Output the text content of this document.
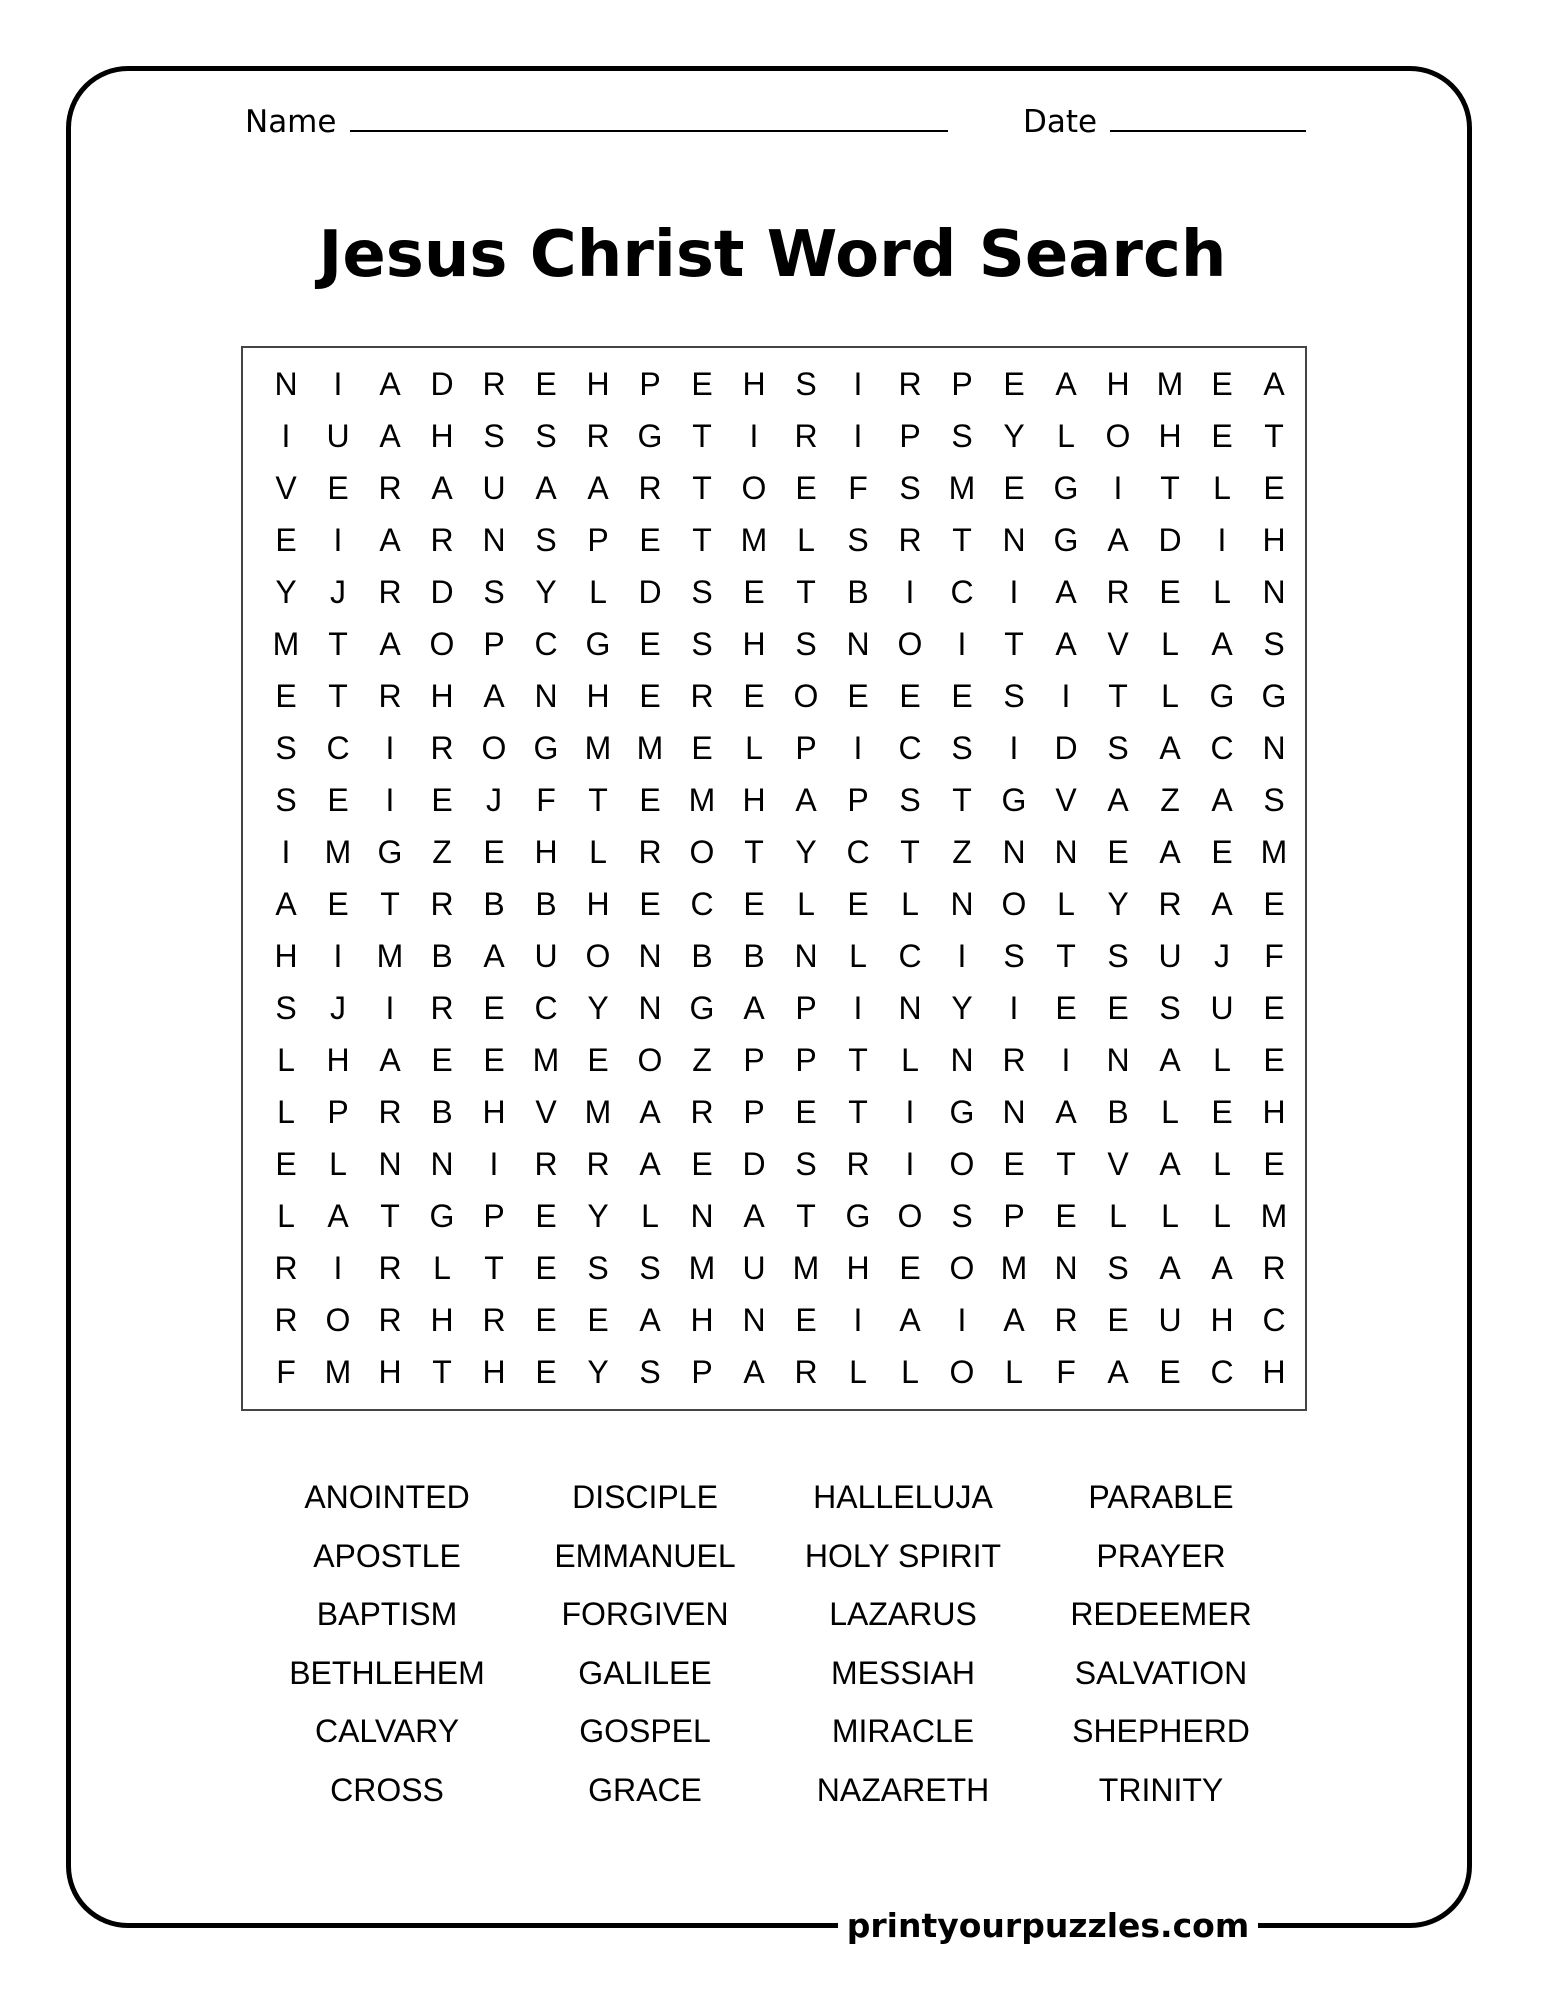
Name	Date
Jesus Christ Word Search
N	I	A D R E H P E H S	I	R P E A H M E A
I	U A H S S R G T	I	R	I	P S Y	L O H E T
V E R A U A A R T O E F S M E G	I	T	L	E
E	I	A R N S P E T M L	S R T N G A D	I	H
Y	J	R D S Y	L D S E T B	I	C	I	A R E	L N
M T A O P C G E S H S N O	I	T A V	L	A S
E T R H A N H E R E O E E E S	I	T	L G G
S C	I	R O G M M E	L	P	I	C S	I	D S A C N
S E	I	E	J	F	T E M H A P S T G V A Z A S
I	M G Z E H L R O T Y C T	Z N N E A E M
A E T R B B H E C E	L	E	L N O L	Y R A E
H	I	M B A U O N B B N L C	I	S T S U	J	F
S	J	I	R E C Y N G A P	I	N Y	I	E E S U E
L H A E E M E O Z P P T	L N R	I	N A	L	E
L	P R B H V M A R P E T	I	G N A B	L	E H
E	L N N	I	R R A E D S R	I	O E T V A	L	E
L	A T G P E Y	L N A T G O S P E	L	L	L M
R	I	R L	T E S S M U M H E O M N S A A R
R O R H R E E A H N E	I	A	I	A R E U H C
F M H T H E Y S P A R L	L O L	F A E C H
ANOINTED	DISCIPLE	HALLELUJA	PARABLE
APOSTLE	EMMANUEL	HOLY SPIRIT	PRAYER
BAPTISM	FORGIVEN	LAZARUS	REDEEMER
BETHLEHEM	GALILEE	MESSIAH	SALVATION
CALVARY	GOSPEL	MIRACLE	SHEPHERD
CROSS	GRACE	NAZARETH	TRINITY
printyourpuzzles.com
